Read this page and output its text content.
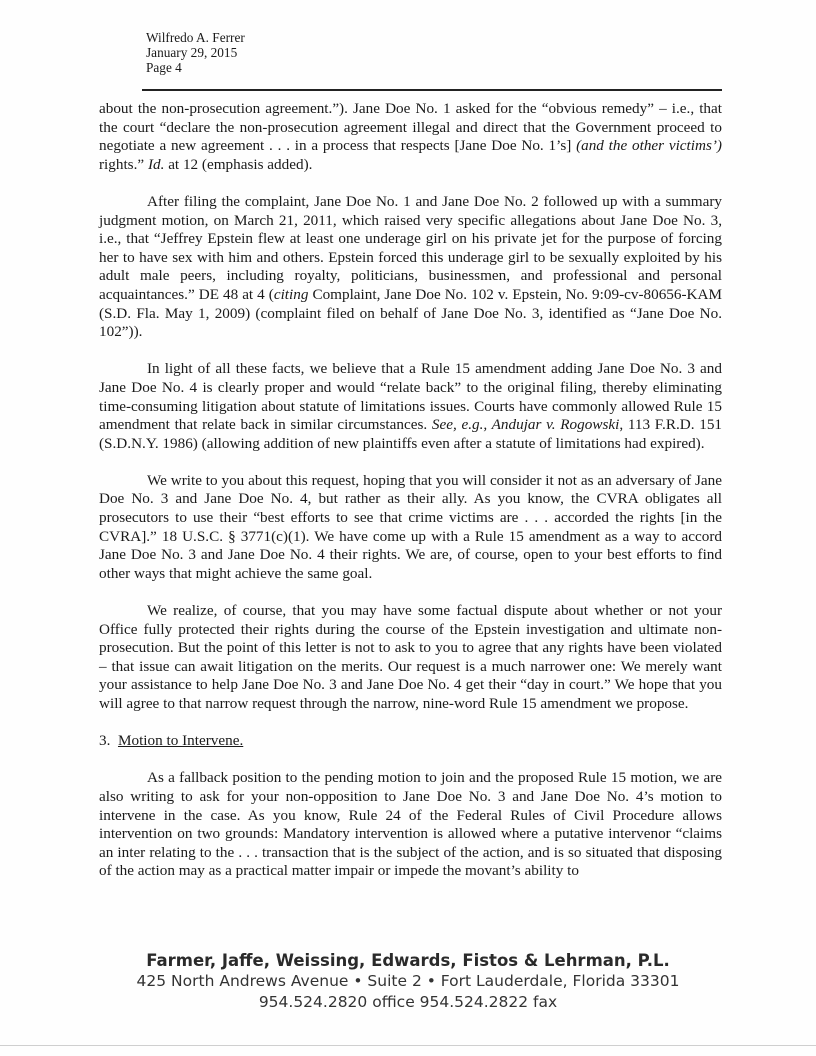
Wilfredo A. Ferrer
January 29, 2015
Page 4

about the non-prosecution agreement.”). Jane Doe No. 1 asked for the “obvious remedy” – i.e., that the court “declare the non-prosecution agreement illegal and direct that the Government proceed to negotiate a new agreement . . . in a process that respects [Jane Doe No. 1’s] (and the other victims’) rights.” Id. at 12 (emphasis added).

After filing the complaint, Jane Doe No. 1 and Jane Doe No. 2 followed up with a summary judgment motion, on March 21, 2011, which raised very specific allegations about Jane Doe No. 3, i.e., that “Jeffrey Epstein flew at least one underage girl on his private jet for the purpose of forcing her to have sex with him and others. Epstein forced this underage girl to be sexually exploited by his adult male peers, including royalty, politicians, businessmen, and professional and personal acquaintances.” DE 48 at 4 (citing Complaint, Jane Doe No. 102 v. Epstein, No. 9:09-cv-80656-KAM (S.D. Fla. May 1, 2009) (complaint filed on behalf of Jane Doe No. 3, identified as “Jane Doe No. 102”)).

In light of all these facts, we believe that a Rule 15 amendment adding Jane Doe No. 3 and Jane Doe No. 4 is clearly proper and would “relate back” to the original filing, thereby eliminating time-consuming litigation about statute of limitations issues. Courts have commonly allowed Rule 15 amendment that relate back in similar circumstances. See, e.g., Andujar v. Rogowski, 113 F.R.D. 151 (S.D.N.Y. 1986) (allowing addition of new plaintiffs even after a statute of limitations had expired).

We write to you about this request, hoping that you will consider it not as an adversary of Jane Doe No. 3 and Jane Doe No. 4, but rather as their ally. As you know, the CVRA obligates all prosecutors to use their “best efforts to see that crime victims are . . . accorded the rights [in the CVRA].” 18 U.S.C. § 3771(c)(1). We have come up with a Rule 15 amendment as a way to accord Jane Doe No. 3 and Jane Doe No. 4 their rights. We are, of course, open to your best efforts to find other ways that might achieve the same goal.

We realize, of course, that you may have some factual dispute about whether or not your Office fully protected their rights during the course of the Epstein investigation and ultimate non-prosecution. But the point of this letter is not to ask to you to agree that any rights have been violated – that issue can await litigation on the merits. Our request is a much narrower one: We merely want your assistance to help Jane Doe No. 3 and Jane Doe No. 4 get their “day in court.” We hope that you will agree to that narrow request through the narrow, nine-word Rule 15 amendment we propose.

3. Motion to Intervene.

As a fallback position to the pending motion to join and the proposed Rule 15 motion, we are also writing to ask for your non-opposition to Jane Doe No. 3 and Jane Doe No. 4’s motion to intervene in the case. As you know, Rule 24 of the Federal Rules of Civil Procedure allows intervention on two grounds: Mandatory intervention is allowed where a putative intervenor “claims an inter relating to the . . . transaction that is the subject of the action, and is so situated that disposing of the action may as a practical matter impair or impede the movant’s ability to

Farmer, Jaffe, Weissing, Edwards, Fistos & Lehrman, P.L.
425 North Andrews Avenue • Suite 2 • Fort Lauderdale, Florida 33301
954.524.2820 office 954.524.2822 fax
